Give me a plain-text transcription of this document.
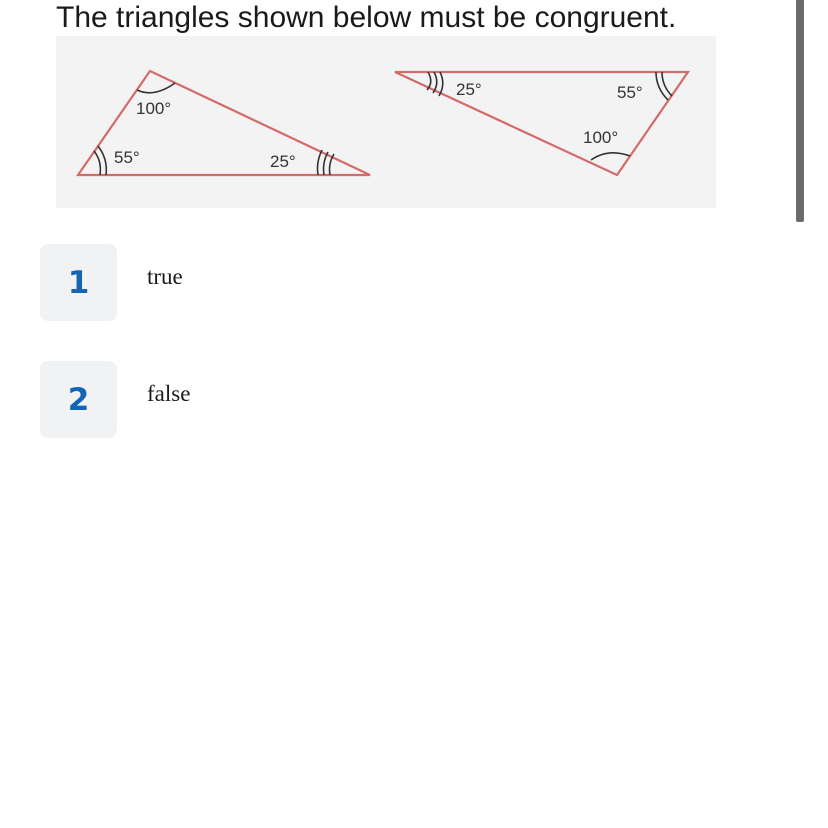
The triangles shown below must be congruent.
100°
55°	25°
25°	55°
100°
1	true
2	false
